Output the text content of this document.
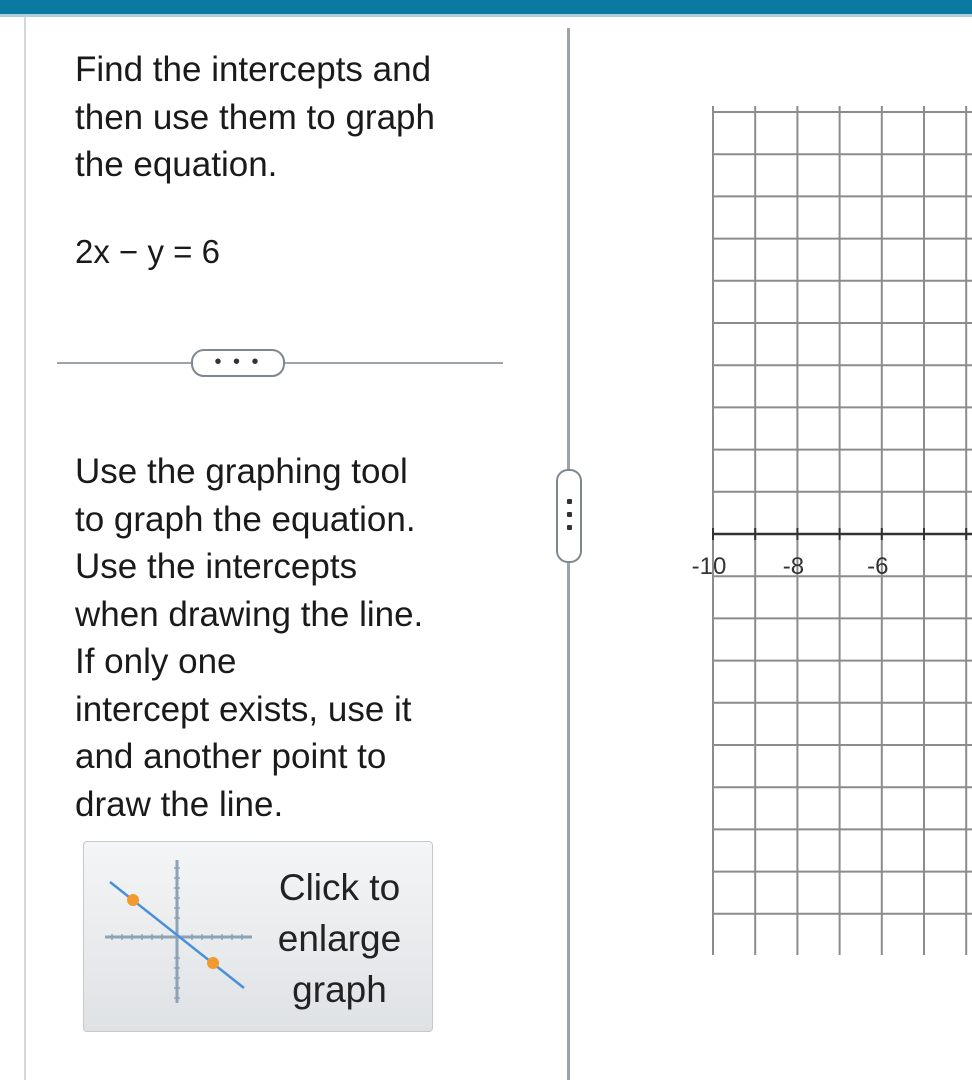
Find the intercepts and
then use them to graph
the equation.
2x − y = 6
• • •
Use the graphing tool
to graph the equation.
Use the intercepts
when drawing the line.
If only one
intercept exists, use it
and another point to
draw the line.
Click to
enlarge
graph
-10 -8	-6
